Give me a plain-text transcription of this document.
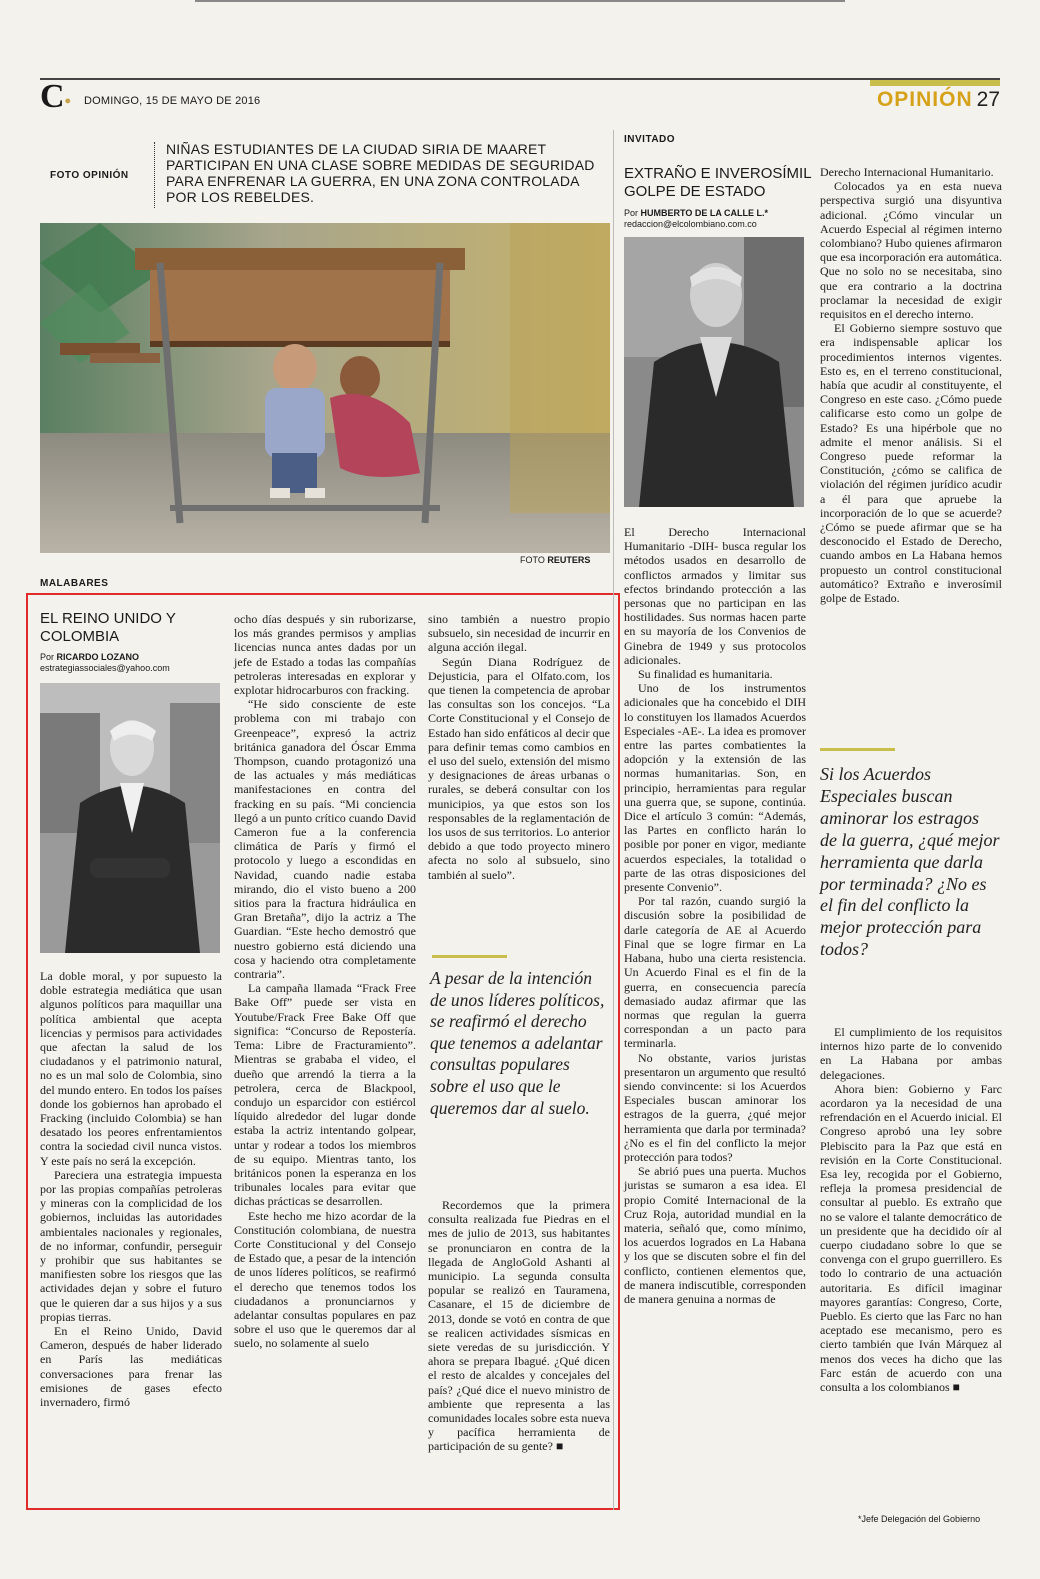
C• DOMINGO, 15 DE MAYO DE 2016	OPINIÓN 27
FOTO OPINIÓN
NIÑAS ESTUDIANTES DE LA CIUDAD SIRIA DE MAARET PARTICIPAN EN UNA CLASE SOBRE MEDIDAS DE SEGURIDAD PARA ENFRENAR LA GUERRA, EN UNA ZONA CONTROLADA POR LOS REBELDES.
FOTO REUTERS
MALABARES
EL REINO UNIDO Y COLOMBIA
Por RICARDO LOZANO
estrategiassociales@yahoo.com

La doble moral, y por supuesto la doble estrategia mediática que usan algunos políticos para maquillar una política ambiental que acepta licencias y permisos para actividades que afectan la salud de los ciudadanos y el patrimonio natural, no es un mal solo de Colombia, sino del mundo entero. En todos los países donde los gobiernos han aprobado el Fracking (incluido Colombia) se han desatado los peores enfrentamientos contra la sociedad civil nunca vistos. Y este país no será la excepción.

Pareciera una estrategia impuesta por las propias compañías petroleras y mineras con la complicidad de los gobiernos, incluidas las autoridades ambientales nacionales y regionales, de no informar, confundir, perseguir y prohibir que sus habitantes se manifiesten sobre los riesgos que las actividades dejan y sobre el futuro que le quieren dar a sus hijos y a sus propias tierras.

En el Reino Unido, David Cameron, después de haber liderado en París las mediáticas conversaciones para frenar las emisiones de gases efecto invernadero, firmó

ocho días después y sin ruborizarse, los más grandes permisos y amplias licencias nunca antes dadas por un jefe de Estado a todas las compañías petroleras interesadas en explorar y explotar hidrocarburos con fracking.

“He sido consciente de este problema con mi trabajo con Greenpeace”, expresó la actriz británica ganadora del Óscar Emma Thompson, cuando protagonizó una de las actuales y más mediáticas manifestaciones en contra del fracking en su país. “Mi conciencia llegó a un punto crítico cuando David Cameron fue a la conferencia climática de París y firmó el protocolo y luego a escondidas en Navidad, cuando nadie estaba mirando, dio el visto bueno a 200 sitios para la fractura hidráulica en Gran Bretaña”, dijo la actriz a The Guardian. “Este hecho demostró que nuestro gobierno está diciendo una cosa y haciendo otra completamente contraria”.

La campaña llamada “Frack Free Bake Off” puede ser vista en Youtube/Frack Free Bake Off que significa: “Concurso de Repostería. Tema: Libre de Fracturamiento”. Mientras se grababa el video, el dueño que arrendó la tierra a la petrolera, cerca de Blackpool, condujo un esparcidor con estiércol líquido alrededor del lugar donde estaba la actriz intentando golpear, untar y rodear a todos los miembros de su equipo. Mientras tanto, los británicos ponen la esperanza en los tribunales locales para evitar que dichas prácticas se desarrollen.

Este hecho me hizo acordar de la Constitución colombiana, de nuestra Corte Constitucional y del Consejo de Estado que, a pesar de la intención de unos líderes políticos, se reafirmó el derecho que tenemos todos los ciudadanos a pronunciarnos y adelantar consultas populares en paz sobre el uso que le queremos dar al suelo, no solamente al suelo

sino también a nuestro propio subsuelo, sin necesidad de incurrir en alguna acción ilegal.

Según Diana Rodríguez de Dejusticia, para el Olfato.com, los que tienen la competencia de aprobar las consultas son los concejos. “La Corte Constitucional y el Consejo de Estado han sido enfáticos al decir que para definir temas como cambios en el uso del suelo, extensión del mismo y designaciones de áreas urbanas o rurales, se deberá consultar con los municipios, ya que estos son los responsables de la reglamentación de los usos de sus territorios. Lo anterior debido a que todo proyecto minero afecta no solo al subsuelo, sino también al suelo”.

A pesar de la intención de unos líderes políticos, se reafirmó el derecho que tenemos a adelantar consultas populares sobre el uso que le queremos dar al suelo.

Recordemos que la primera consulta realizada fue Piedras en el mes de julio de 2013, sus habitantes se pronunciaron en contra de la llegada de AngloGold Ashanti al municipio. La segunda consulta popular se realizó en Tauramena, Casanare, el 15 de diciembre de 2013, donde se votó en contra de que se realicen actividades sísmicas en siete veredas de su jurisdicción. Y ahora se prepara Ibagué. ¿Qué dicen el resto de alcaldes y concejales del país? ¿Qué dice el nuevo ministro de ambiente que representa a las comunidades locales sobre esta nueva y pacífica herramienta de participación de su gente? ■

INVITADO
EXTRAÑO E INVEROSÍMIL GOLPE DE ESTADO
Por HUMBERTO DE LA CALLE L.*
redaccion@elcolombiano.com.co

El Derecho Internacional Humanitario -DIH- busca regular los métodos usados en desarrollo de conflictos armados y limitar sus efectos brindando protección a las personas que no participan en las hostilidades. Sus normas hacen parte en su mayoría de los Convenios de Ginebra de 1949 y sus protocolos adicionales.

Su finalidad es humanitaria.

Uno de los instrumentos adicionales que ha concebido el DIH lo constituyen los llamados Acuerdos Especiales -AE-. La idea es promover entre las partes combatientes la adopción y la extensión de las normas humanitarias. Son, en principio, herramientas para regular una guerra que, se supone, continúa. Dice el artículo 3 común: “Además, las Partes en conflicto harán lo posible por poner en vigor, mediante acuerdos especiales, la totalidad o parte de las otras disposiciones del presente Convenio”.

Por tal razón, cuando surgió la discusión sobre la posibilidad de darle categoría de AE al Acuerdo Final que se logre firmar en La Habana, hubo una cierta resistencia. Un Acuerdo Final es el fin de la guerra, en consecuencia parecía demasiado audaz afirmar que las normas que regulan la guerra correspondan a un pacto para terminarla.

No obstante, varios juristas presentaron un argumento que resultó siendo convincente: si los Acuerdos Especiales buscan aminorar los estragos de la guerra, ¿qué mejor herramienta que darla por terminada? ¿No es el fin del conflicto la mejor protección para todos?

Se abrió pues una puerta. Muchos juristas se sumaron a esa idea. El propio Comité Internacional de la Cruz Roja, autoridad mundial en la materia, señaló que, como mínimo, los acuerdos logrados en La Habana y los que se discuten sobre el fin del conflicto, contienen elementos que, de manera indiscutible, corresponden de manera genuina a normas de

Derecho Internacional Humanitario.

Colocados ya en esta nueva perspectiva surgió una disyuntiva adicional. ¿Cómo vincular un Acuerdo Especial al régimen interno colombiano? Hubo quienes afirmaron que esa incorporación era automática. Que no solo no se necesitaba, sino que era contrario a la doctrina proclamar la necesidad de exigir requisitos en el derecho interno.

El Gobierno siempre sostuvo que era indispensable aplicar los procedimientos internos vigentes. Esto es, en el terreno constitucional, había que acudir al constituyente, el Congreso en este caso. ¿Cómo puede calificarse esto como un golpe de Estado? Es una hipérbole que no admite el menor análisis. Si el Congreso puede reformar la Constitución, ¿cómo se califica de violación del régimen jurídico acudir a él para que apruebe la incorporación de lo que se acuerde? ¿Cómo se puede afirmar que se ha desconocido el Estado de Derecho, cuando ambos en La Habana hemos propuesto un control constitucional automático? Extraño e inverosímil golpe de Estado.

Si los Acuerdos Especiales buscan aminorar los estragos de la guerra, ¿qué mejor herramienta que darla por terminada? ¿No es el fin del conflicto la mejor protección para todos?

El cumplimiento de los requisitos internos hizo parte de lo convenido en La Habana por ambas delegaciones.

Ahora bien: Gobierno y Farc acordaron ya la necesidad de una refrendación en el Acuerdo inicial. El Congreso aprobó una ley sobre Plebiscito para la Paz que está en revisión en la Corte Constitucional. Esa ley, recogida por el Gobierno, refleja la promesa presidencial de consultar al pueblo. Es extraño que no se valore el talante democrático de un presidente que ha decidido oír al cuerpo ciudadano sobre lo que se convenga con el grupo guerrillero. Es todo lo contrario de una actuación autoritaria. Es difícil imaginar mayores garantías: Congreso, Corte, Pueblo. Es cierto que las Farc no han aceptado ese mecanismo, pero es cierto también que Iván Márquez al menos dos veces ha dicho que las Farc están de acuerdo con una consulta a los colombianos ■

*Jefe Delegación del Gobierno
